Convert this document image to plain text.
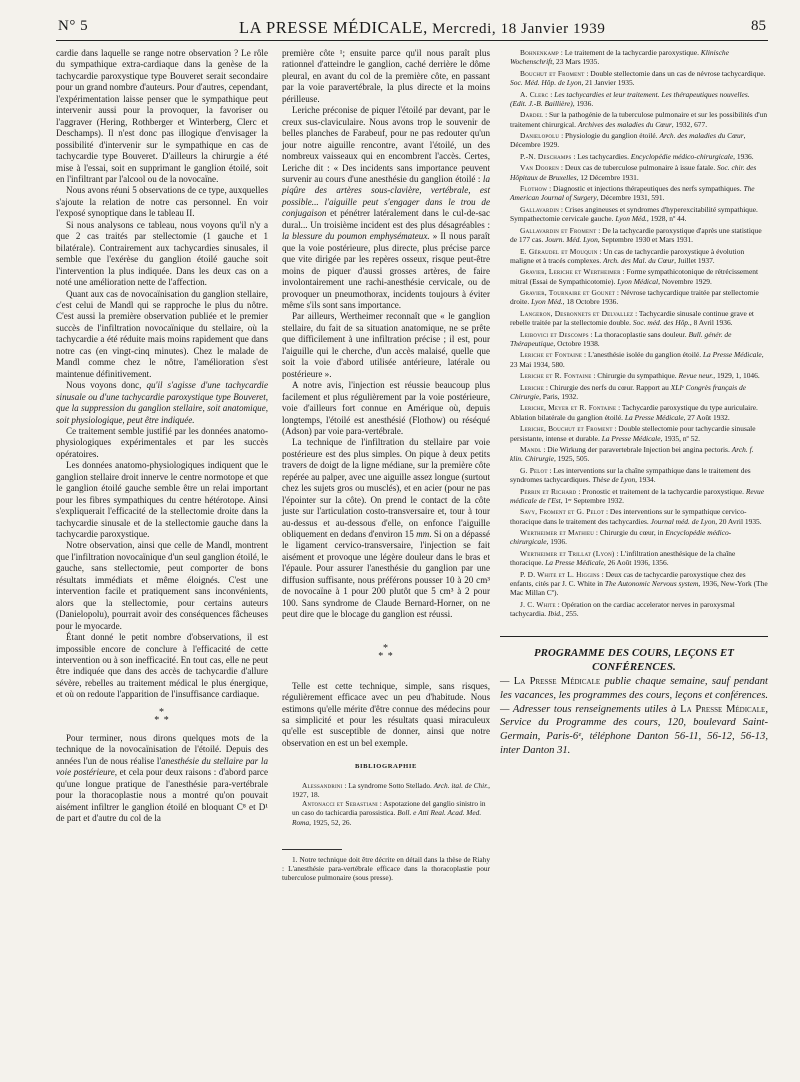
N° 5	LA PRESSE MÉDICALE, Mercredi, 18 Janvier 1939	85

cardie dans laquelle se range notre observation ? Le rôle du sympathique extra-cardiaque dans la genèse de la tachycardie paroxystique type Bouveret serait secondaire pour un grand nombre d'auteurs. Pour d'autres, cependant, l'expérimentation laisse penser que le sympathique peut intervenir aussi pour la provoquer, la favoriser ou l'aggraver (Hering, Rothberger et Winterberg, Clerc et Deschamps). Il n'est donc pas illogique d'envisager la possibilité d'intervenir sur le sympathique en cas de tachycardie type Bouveret. D'ailleurs la chirurgie a été mise à l'essai, soit en supprimant le ganglion étoilé, soit en l'infiltrant par l'alcool ou de la novocaïne.

Nous avons réuni 5 observations de ce type, auxquelles s'ajoute la relation de notre cas personnel. En voir l'exposé synoptique dans le tableau II.

Si nous analysons ce tableau, nous voyons qu'il n'y a que 2 cas traités par stellectomie (1 gauche et 1 bilatérale). Contrairement aux tachycardies sinusales, il semble que l'exérèse du ganglion étoilé gauche soit l'intervention la plus indiquée. Dans les deux cas on a noté une amélioration nette de l'affection.

Quant aux cas de novocaïnisation du ganglion stellaire, c'est celui de Mandl qui se rapproche le plus du nôtre. C'est aussi la première observation publiée et le premier succès de l'infiltration novocaïnique du stellaire, où la tachycardie a été réduite mais moins rapidement que dans notre cas (en vingt-cinq minutes). Chez le malade de Mandl comme chez le nôtre, l'amélioration s'est maintenue définitivement.

Nous voyons donc, qu'il s'agisse d'une tachycardie sinusale ou d'une tachycardie paroxystique type Bouveret, que la suppression du ganglion stellaire, soit anatomique, soit physiologique, peut être indiquée.

Ce traitement semble justifié par les données anatomo-physiologiques expérimentales et par les succès opératoires.

Les données anatomo-physiologiques indiquent que le ganglion stellaire droit innerve le centre normotope et que le ganglion étoilé gauche semble être un relai important pour les fibres sympathiques du centre hétérotope. Ainsi s'expliquerait l'efficacité de la stellectomie droite dans la tachycardie sinusale et de la stellectomie gauche dans la tachycardie paroxystique.

Notre observation, ainsi que celle de Mandl, montrent que l'infiltration novocaïnique d'un seul ganglion étoilé, le gauche, sans stellectomie, peut comporter de bons résultats immédiats et même éloignés. C'est une intervention facile et pratiquement sans inconvénients, alors que la stellectomie, pour certains auteurs (Danielopolu), pourrait avoir des conséquences fâcheuses pour le myocarde.

Étant donné le petit nombre d'observations, il est impossible encore de conclure à l'efficacité de cette intervention ou à son inefficacité. En tout cas, elle ne peut être indiquée que dans des accès de tachycardie d'allure sévère, rebelles au traitement médical le plus énergique, et où on redoute l'apparition de l'insuffisance cardiaque.

*
* *

Pour terminer, nous dirons quelques mots de la technique de la novocaïnisation de l'étoilé. Depuis des années l'un de nous réalise l'anesthésie du stellaire par la voie postérieure, et cela pour deux raisons : d'abord parce qu'une longue pratique de l'anesthésie para-vertébrale pour la thoracoplastie nous a montré qu'on pouvait aisément infiltrer le ganglion étoilé en bloquant C⁸ et D¹ de part et d'autre du col de la

première côte ¹; ensuite parce qu'il nous paraît plus rationnel d'atteindre le ganglion, caché derrière le dôme pleural, en avant du col de la première côte, en passant par la voie paravertébrale, la plus directe et la moins périlleuse.

Leriche préconise de piquer l'étoilé par devant, par le creux sus-claviculaire. Nous avons trop le souvenir de belles planches de Farabeuf, pour ne pas redouter qu'un jour notre aiguille rencontre, avant l'étoilé, un des nombreux vaisseaux qui en encombrent l'accès. Certes, Leriche dit : « Des incidents sans importance peuvent survenir au cours d'une anesthésie du ganglion étoilé : la piqûre des artères sous-clavière, vertébrale, est possible... l'aiguille peut s'engager dans le trou de conjugaison et pénétrer latéralement dans le cul-de-sac dural... Un troisième incident est des plus désagréables : la blessure du poumon emphysémateux. » Il nous paraît que la voie postérieure, plus directe, plus précise parce que vite dirigée par les repères osseux, risque peut-être moins de piquer d'aussi grosses artères, de faire involontairement une rachi-anesthésie cervicale, ou de provoquer un pneumothorax, incidents toujours à éviter même s'ils sont sans importance.

Par ailleurs, Wertheimer reconnaît que « le ganglion stellaire, du fait de sa situation anatomique, ne se prête que difficilement à une infiltration précise ; il est, pour l'aiguille qui le cherche, d'un accès malaisé, quelle que soit la voie d'abord utilisée antérieure, latérale ou postérieure ».

A notre avis, l'injection est réussie beaucoup plus facilement et plus régulièrement par la voie postérieure, voie d'ailleurs fort connue en Amérique où, depuis longtemps, l'étoilé est anesthésié (Flothow) ou réséqué (Adson) par voie para-vertébrale.

La technique de l'infiltration du stellaire par voie postérieure est des plus simples. On pique à deux petits travers de doigt de la ligne médiane, sur la première côte repérée au palper, avec une aiguille assez longue (surtout chez les sujets gros ou musclés), et en acier (pour ne pas l'épointer sur la côte). On prend le contact de la côte juste sur l'articulation costo-transversaire et, tour à tour au-dessus et au-dessous d'elle, on enfonce l'aiguille obliquement en dedans d'environ 15 mm. Si on a dépassé le ligament cervico-transversaire, l'injection se fait aisément et provoque une légère douleur dans le bras et l'épaule. Pour assurer l'anesthésie du ganglion par une diffusion suffisante, nous préférons pousser 10 à 20 cm³ de novocaïne à 1 pour 200 plutôt que 5 cm³ à 2 pour 100. Sans syndrome de Claude Bernard-Horner, on ne peut dire que le blocage du ganglion est réussi.

*
* *

Telle est cette technique, simple, sans risques, régulièrement efficace avec un peu d'habitude. Nous estimons qu'elle mérite d'être connue des médecins pour sa simplicité et pour les résultats quasi miraculeux qu'elle est susceptible de donner, ainsi que notre observation en est un bel exemple.

BIBLIOGRAPHIE

Alessandrini : La syndrome Sotto Stellado. Arch. ital. de Chir., 1927, 18.

Antonacci et Sebastiani : Aspotazione del ganglio sinistro in un caso do tachicardia parossistica. Boll. e Atti Real. Acad. Med. Roma, 1925, 52, 26.

1. Notre technique doit être décrite en détail dans la thèse de Riahy : L'anesthésie para-vertébrale efficace dans la thoracoplastie pour tuberculose pulmonaire (sous presse).

Bohnenkamp : Le traitement de la tachycardie paroxystique. Klinische Wochenschrift, 23 Mars 1935.

Bouchut et Froment : Double stellectomie dans un cas de névrose tachycardique. Soc. Méd. Hôp. de Lyon, 21 Janvier 1935.

A. Clerc : Les tachycardies et leur traitement. Les thérapeutiques nouvelles. (Edit. J.-B. Baillière), 1936.

Dardel : Sur la pathogénie de la tuberculose pulmonaire et sur les possibilités d'un traitement chirurgical. Archives des maladies du Cœur, 1932, 677.

Danielopolu : Physiologie du ganglion étoilé. Arch. des maladies du Cœur, Décembre 1929.

P.-N. Deschamps : Les tachycardies. Encyclopédie médico-chirurgicale, 1936.

Van Dooren : Deux cas de tuberculose pulmonaire à issue fatale. Soc. chir. des Hôpitaux de Bruxelles, 12 Décembre 1931.

Flothow : Diagnostic et injections thérapeutiques des nerfs sympathiques. The American Journal of Surgery, Décembre 1931, 591.

Gallavardin : Crises angineuses et syndromes d'hyperexcitabilité sympathique. Sympathectomie cervicale gauche. Lyon Méd., 1928, nº 44.

Gallavardin et Froment : De la tachycardie paroxystique d'après une statistique de 177 cas. Journ. Méd. Lyon, Septembre 1930 et Mars 1931.

E. Géraudel et Mouquin : Un cas de tachycardie paroxystique à évolution maligne et à tracés complexes. Arch. des Mal. du Cœur, Juillet 1937.

Gravier, Leriche et Wertheimer : Forme sympathicotonique de rétrécissement mitral (Essai de Sympathicotomie). Lyon Médical, Novembre 1929.

Gravier, Tournaire et Gounet : Névrose tachycardique traitée par stellectomie droite. Lyon Méd., 18 Octobre 1936.

Langeron, Desbonnets et Delvallez : Tachycardie sinusale continue grave et rebelle traitée par la stellectomie double. Soc. méd. des Hôp., 8 Avril 1936.

Leibovici et Descomps : La thoracoplastie sans douleur. Bull. génér. de Thérapeutique, Octobre 1938.

Leriche et Fontaine : L'anesthésie isolée du ganglion étoilé. La Presse Médicale, 23 Mai 1934, 580.

Leriche et R. Fontaine : Chirurgie du sympathique. Revue neur., 1929, 1, 1046.

Leriche : Chirurgie des nerfs du cœur. Rapport au XLIᵉ Congrès français de Chirurgie, Paris, 1932.

Leriche, Meyer et R. Fontaine : Tachycardie paroxystique du type auriculaire. Ablation bilatérale du ganglion étoilé. La Presse Médicale, 27 Août 1932.

Leriche, Bouchut et Froment : Double stellectomie pour tachycardie sinusale persistante, intense et durable. La Presse Médicale, 1935, nº 52.

Mandl : Die Wirkung der paravertebrale Injection bei angina pectoris. Arch. f. klin. Chirurgie, 1925, 505.

G. Pelot : Les interventions sur la chaîne sympathique dans le traitement des syndromes tachycardiques. Thèse de Lyon, 1934.

Perrin et Richard : Pronostic et traitement de la tachycardie paroxystique. Revue médicale de l'Est, 1ᵉʳ Septembre 1932.

Savy, Froment et G. Pelot : Des interventions sur le sympathique cervico-thoracique dans le traitement des tachycardies. Journal méd. de Lyon, 20 Avril 1935.

Wertheimer et Mathieu : Chirurgie du cœur, in Encyclopédie médico-chirurgicale, 1936.

Wertheimer et Trillat (Lyon) : L'infiltration anesthésique de la chaîne thoracique. La Presse Médicale, 26 Août 1936, 1356.

P. D. White et L. Higgins : Deux cas de tachycardie paroxystique chez des enfants, cités par J. C. White in The Autonomic Nervous system, 1936, New-York (The Mac Millan Cº).

J. C. White : Opération on the cardiac accelerator nerves in paroxysmal tachycardia. Ibid., 255.

PROGRAMME DES COURS, LEÇONS ET CONFÉRENCES.
— La Presse Médicale publie chaque semaine, sauf pendant les vacances, les programmes des cours, leçons et conférences. — Adresser tous renseignements utiles à La Presse Médicale, Service du Programme des cours, 120, boulevard Saint-Germain, Paris-6ᵉ, téléphone Danton 56-11, 56-12, 56-13, inter Danton 31.
